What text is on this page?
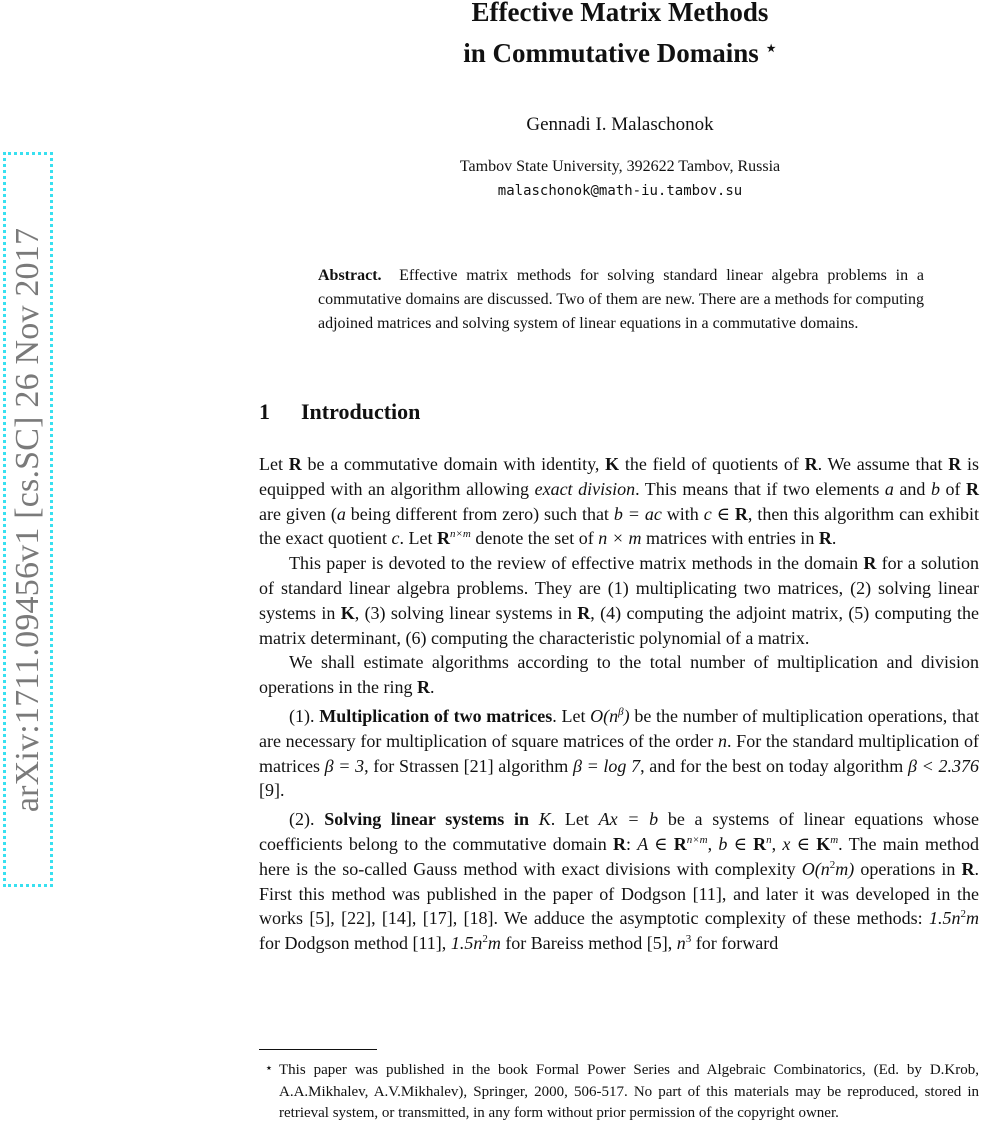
arXiv:1711.09456v1 [cs.SC] 26 Nov 2017
Effective Matrix Methods
in Commutative Domains ⋆
Gennadi I. Malaschonok
Tambov State University, 392622 Tambov, Russia
malaschonok@math-iu.tambov.su
Abstract. Effective matrix methods for solving standard linear algebra problems in a commutative domains are discussed. Two of them are new. There are a methods for computing adjoined matrices and solving system of linear equations in a commutative domains.
1 Introduction

Let R be a commutative domain with identity, K the field of quotients of R. We assume that R is equipped with an algorithm allowing exact division. This means that if two elements a and b of R are given (a being different from zero) such that b = ac with c ∈ R, then this algorithm can exhibit the exact quotient c. Let $R^{n\times m}$ denote the set of n × m matrices with entries in R.

This paper is devoted to the review of effective matrix methods in the domain R for a solution of standard linear algebra problems. They are (1) multiplicating two matrices, (2) solving linear systems in K, (3) solving linear systems in R, (4) computing the adjoint matrix, (5) computing the matrix determinant, (6) computing the characteristic polynomial of a matrix.

We shall estimate algorithms according to the total number of multiplication and division operations in the ring R.

(1). Multiplication of two matrices. Let $O(n^\beta)$ be the number of multiplication operations, that are necessary for multiplication of square matrices of the order n. For the standard multiplication of matrices β = 3, for Strassen [21] algorithm β = log 7, and for the best on today algorithm β < 2.376 [9].

(2). Solving linear systems in K. Let Ax = b be a systems of linear equations whose coefficients belong to the commutative domain R: A ∈ $R^{n\times m}$, b ∈ $R^n$, x ∈ $K^m$. The main method here is the so-called Gauss method with exact divisions with complexity $O(n^2m)$ operations in R. First this method was published in the paper of Dodgson [11], and later it was developed in the works [5], [22], [14], [17], [18]. We adduce the asymptotic complexity of these methods: $1.5n^2m$ for Dodgson method [11], $1.5n^2m$ for Bareiss method [5], $n^3$ for forward

⋆ This paper was published in the book Formal Power Series and Algebraic Combinatorics, (Ed. by D.Krob, A.A.Mikhalev, A.V.Mikhalev), Springer, 2000, 506-517. No part of this materials may be reproduced, stored in retrieval system, or transmitted, in any form without prior permission of the copyright owner.
